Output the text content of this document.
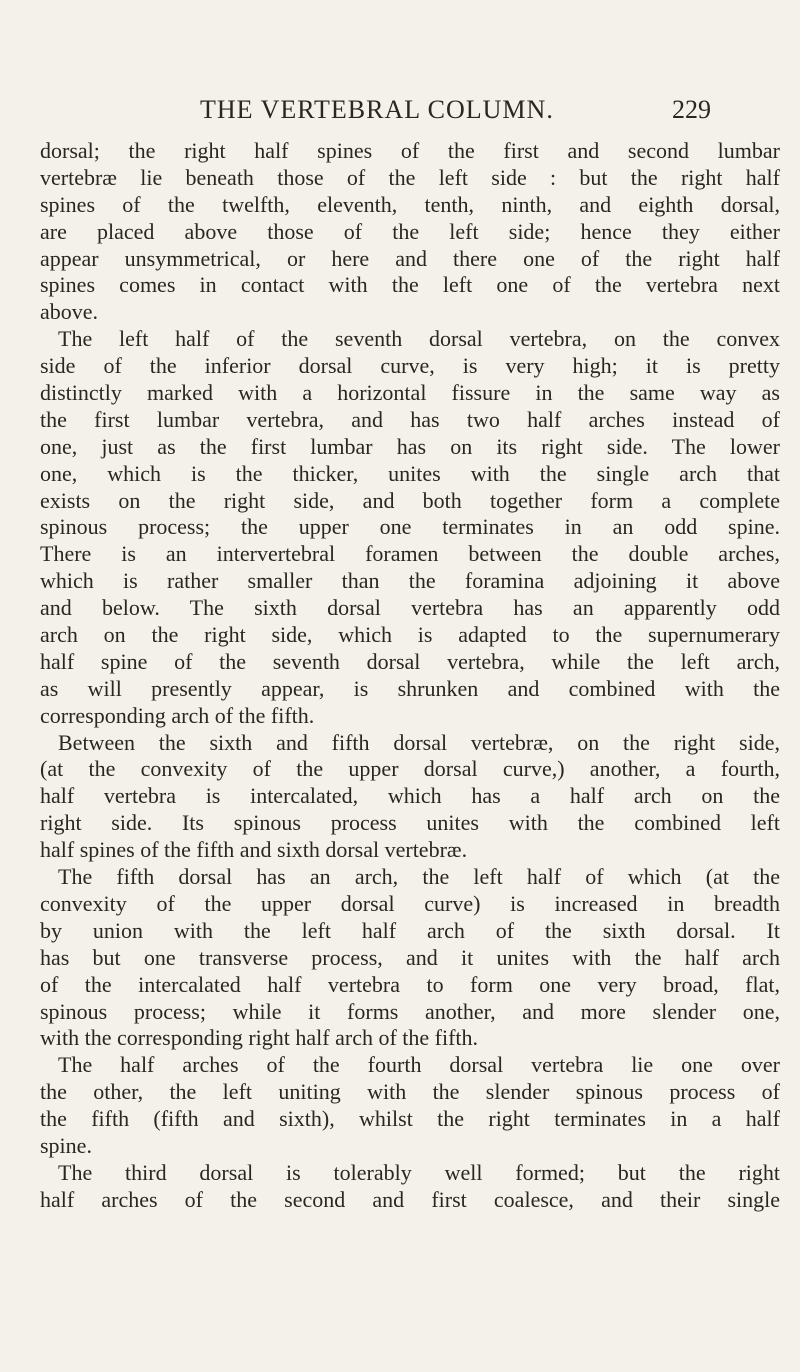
THE VERTEBRAL COLUMN.	229
dorsal; the right half spines of the first and second lumbar
vertebræ lie beneath those of the left side : but the right half
spines of the twelfth, eleventh, tenth, ninth, and eighth dorsal,
are placed above those of the left side; hence they either
appear unsymmetrical, or here and there one of the right half
spines comes in contact with the left one of the vertebra next
above.
The left half of the seventh dorsal vertebra, on the convex
side of the inferior dorsal curve, is very high; it is pretty
distinctly marked with a horizontal fissure in the same way as
the first lumbar vertebra, and has two half arches instead of
one, just as the first lumbar has on its right side. The lower
one, which is the thicker, unites with the single arch that
exists on the right side, and both together form a complete
spinous process; the upper one terminates in an odd spine.
There is an intervertebral foramen between the double arches,
which is rather smaller than the foramina adjoining it above
and below. The sixth dorsal vertebra has an apparently odd
arch on the right side, which is adapted to the supernumerary
half spine of the seventh dorsal vertebra, while the left arch,
as will presently appear, is shrunken and combined with the
corresponding arch of the fifth.
Between the sixth and fifth dorsal vertebræ, on the right side,
(at the convexity of the upper dorsal curve,) another, a fourth,
half vertebra is intercalated, which has a half arch on the
right side. Its spinous process unites with the combined left
half spines of the fifth and sixth dorsal vertebræ.
The fifth dorsal has an arch, the left half of which (at the
convexity of the upper dorsal curve) is increased in breadth
by union with the left half arch of the sixth dorsal. It
has but one transverse process, and it unites with the half arch
of the intercalated half vertebra to form one very broad, flat,
spinous process; while it forms another, and more slender one,
with the corresponding right half arch of the fifth.
The half arches of the fourth dorsal vertebra lie one over
the other, the left uniting with the slender spinous process of
the fifth (fifth and sixth), whilst the right terminates in a half
spine.
The third dorsal is tolerably well formed; but the right
half arches of the second and first coalesce, and their single
